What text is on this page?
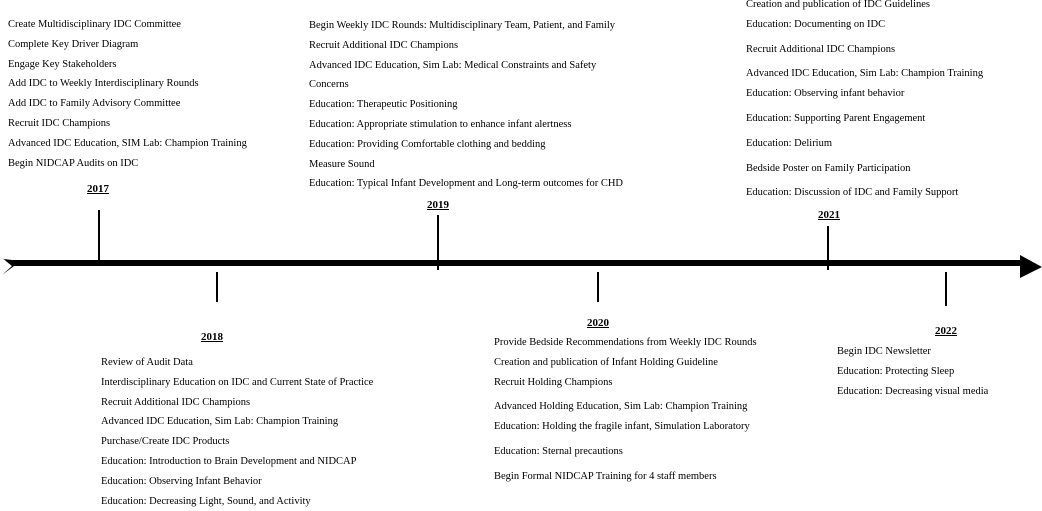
Create Multidisciplinary IDC Committee
Complete Key Driver Diagram
Engage Key Stakeholders
Add IDC to Weekly Interdisciplinary Rounds
Add IDC to Family Advisory Committee
Recruit IDC Champions
Advanced IDC Education, SIM Lab: Champion Training
Begin NIDCAP Audits on IDC
2017
Begin Weekly IDC Rounds: Multidisciplinary Team, Patient, and Family
Recruit Additional IDC Champions
Advanced IDC Education, Sim Lab: Medical Constraints and Safety
Concerns
Education: Therapeutic Positioning
Education: Appropriate stimulation to enhance infant alertness
Education: Providing Comfortable clothing and bedding
Measure Sound
Education: Typical Infant Development and Long-term outcomes for CHD
2019
Creation and publication of IDC Guidelines
Education: Documenting on IDC
Recruit Additional IDC Champions
Advanced IDC Education, Sim Lab: Champion Training
Education: Observing infant behavior
Education: Supporting Parent Engagement
Education: Delirium
Bedside Poster on Family Participation
Education: Discussion of IDC and Family Support
2021
2018
Review of Audit Data
Interdisciplinary Education on IDC and Current State of Practice
Recruit Additional IDC Champions
Advanced IDC Education, Sim Lab: Champion Training
Purchase/Create IDC Products
Education: Introduction to Brain Development and NIDCAP
Education: Observing Infant Behavior
Education: Decreasing Light, Sound, and Activity
2020
Provide Bedside Recommendations from Weekly IDC Rounds
Creation and publication of Infant Holding Guideline
Recruit Holding Champions
Advanced Holding Education, Sim Lab: Champion Training
Education: Holding the fragile infant, Simulation Laboratory
Education: Sternal precautions
Begin Formal NIDCAP Training for 4 staff members
2022
Begin IDC Newsletter
Education: Protecting Sleep
Education: Decreasing visual media
